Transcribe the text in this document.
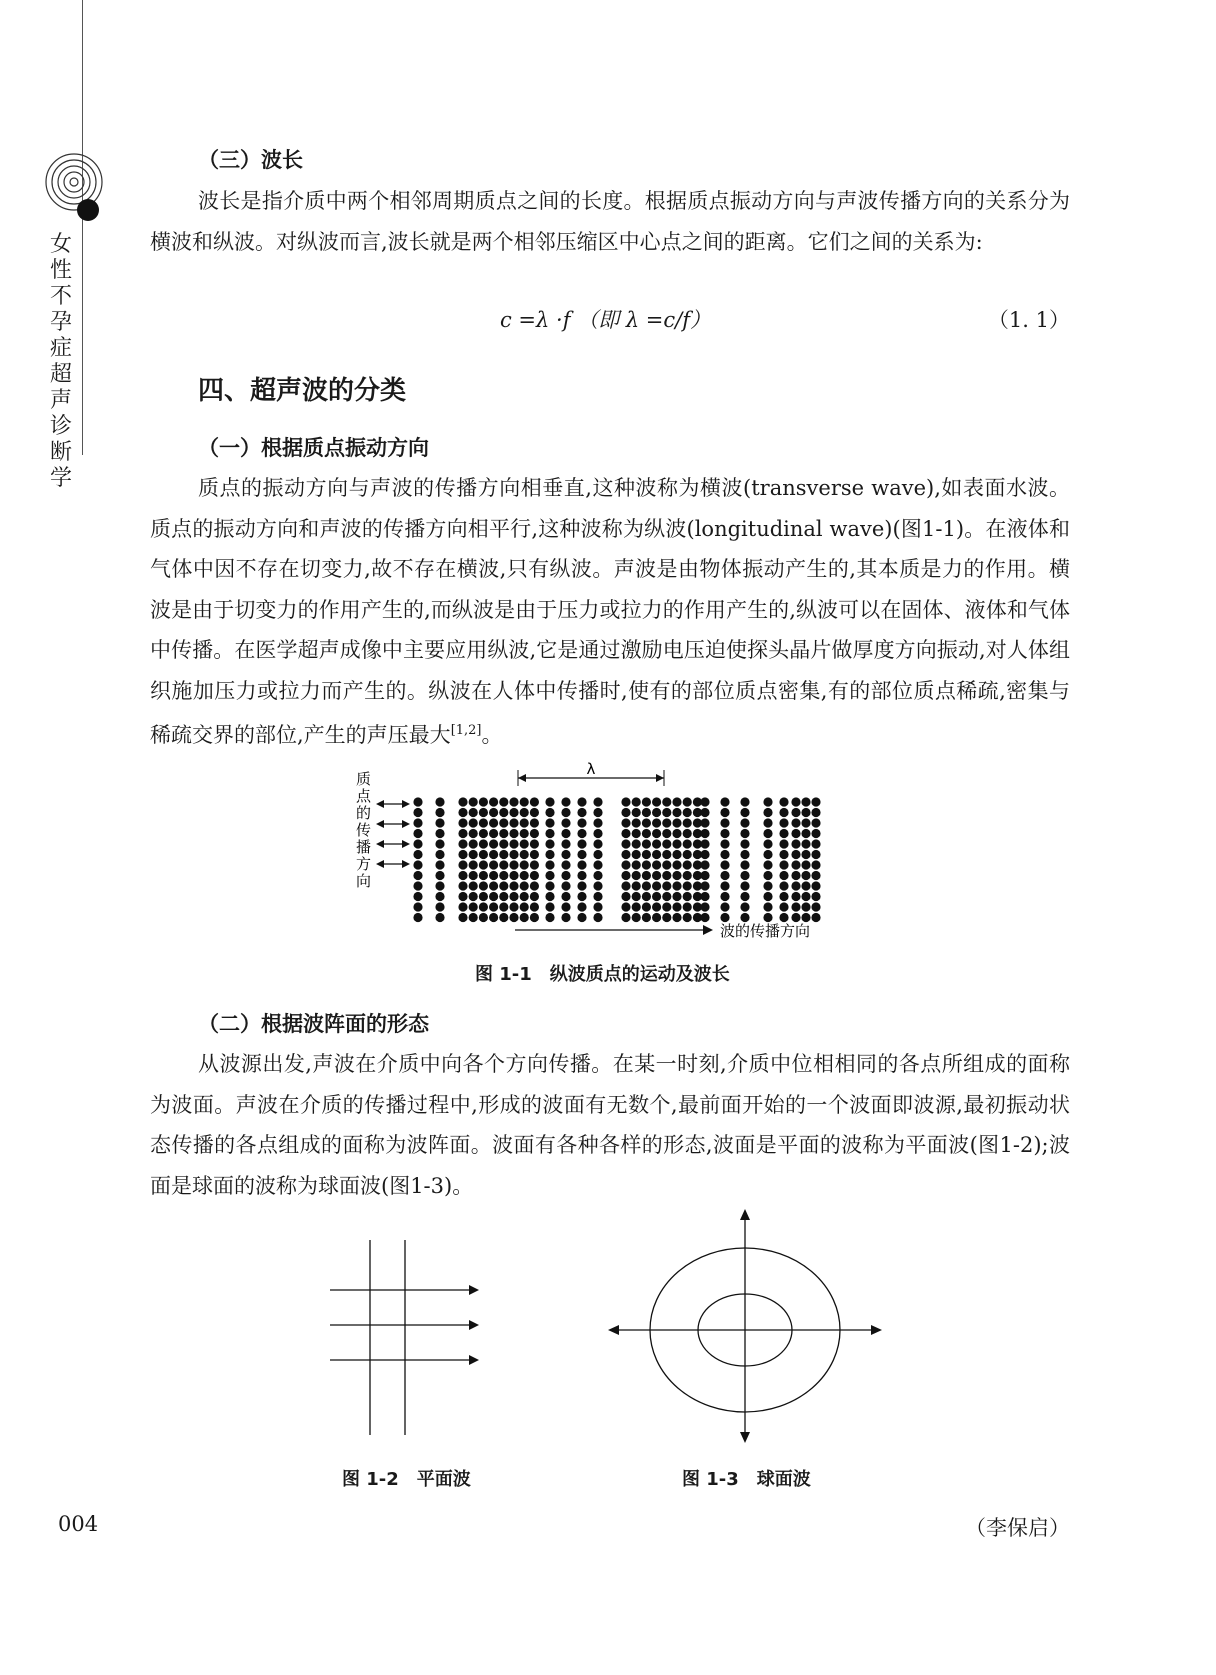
女
性
不
孕
症
超
声
诊
断
学
（三）波长

波长是指介质中两个相邻周期质点之间的长度。根据质点振动方向与声波传播方向的关系分为横波和纵波。对纵波而言,波长就是两个相邻压缩区中心点之间的距离。它们之间的关系为:

c =λ ·f （即 λ =c/f）	（1. 1）
四、超声波的分类
（一）根据质点振动方向

质点的振动方向与声波的传播方向相垂直,这种波称为横波(transverse wave),如表面水波。质点的振动方向和声波的传播方向相平行,这种波称为纵波(longitudinal wave)(图1-1)。在液体和气体中因不存在切变力,故不存在横波,只有纵波。声波是由物体振动产生的,其本质是力的作用。横波是由于切变力的作用产生的,而纵波是由于压力或拉力的作用产生的,纵波可以在固体、液体和气体中传播。在医学超声成像中主要应用纵波,它是通过激励电压迫使探头晶片做厚度方向振动,对人体组织施加压力或拉力而产生的。纵波在人体中传播时,使有的部位质点密集,有的部位质点稀疏,密集与稀疏交界的部位,产生的声压最大[1,2]。

质
点
的
传
播
方
向
λ
波的传播方向
图 1-1　纵波质点的运动及波长
（二）根据波阵面的形态

从波源出发,声波在介质中向各个方向传播。在某一时刻,介质中位相相同的各点所组成的面称为波面。声波在介质的传播过程中,形成的波面有无数个,最前面开始的一个波面即波源,最初振动状态传播的各点组成的面称为波阵面。波面有各种各样的形态,波面是平面的波称为平面波(图1-2);波面是球面的波称为球面波(图1-3)。

图 1-2　平面波	图 1-3　球面波
004	（李保启）
